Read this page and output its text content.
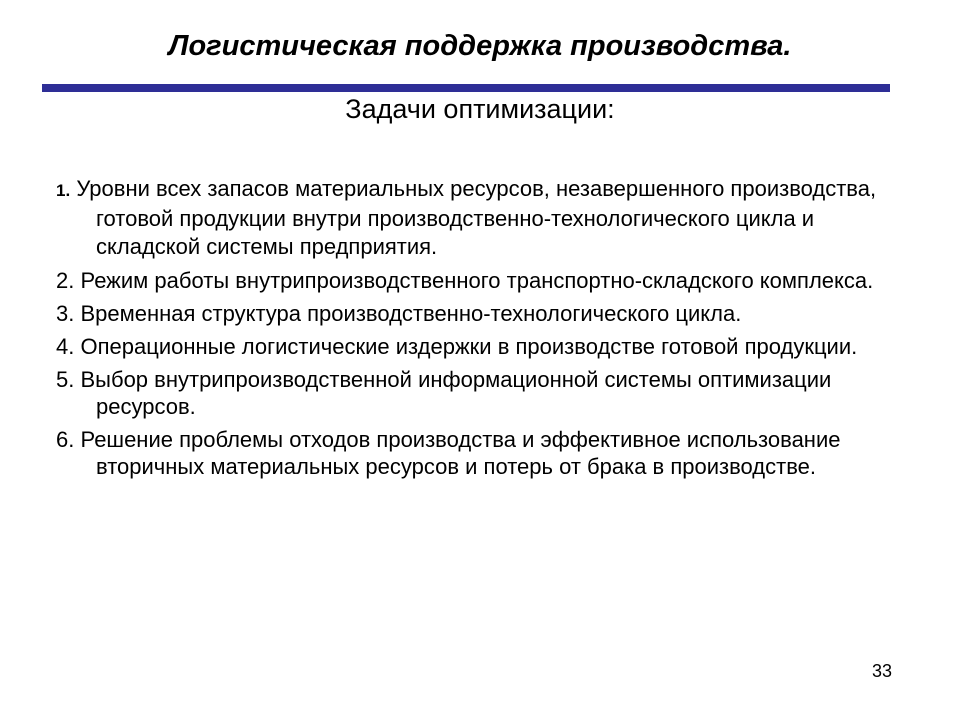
Логистическая поддержка производства.
Задачи оптимизации:
1. Уровни всех запасов материальных ресурсов, незавершенного производства, готовой продукции внутри производственно-технологического цикла и складской системы предприятия.
2. Режим работы внутрипроизводственного транспортно-складского комплекса.
3. Временная структура производственно-технологического цикла.
4. Операционные логистические издержки в производстве готовой продукции.
5. Выбор внутрипроизводственной информационной системы оптимизации ресурсов.
6. Решение проблемы отходов производства и эффективное использование вторичных материальных ресурсов и потерь от брака в производстве.
33
